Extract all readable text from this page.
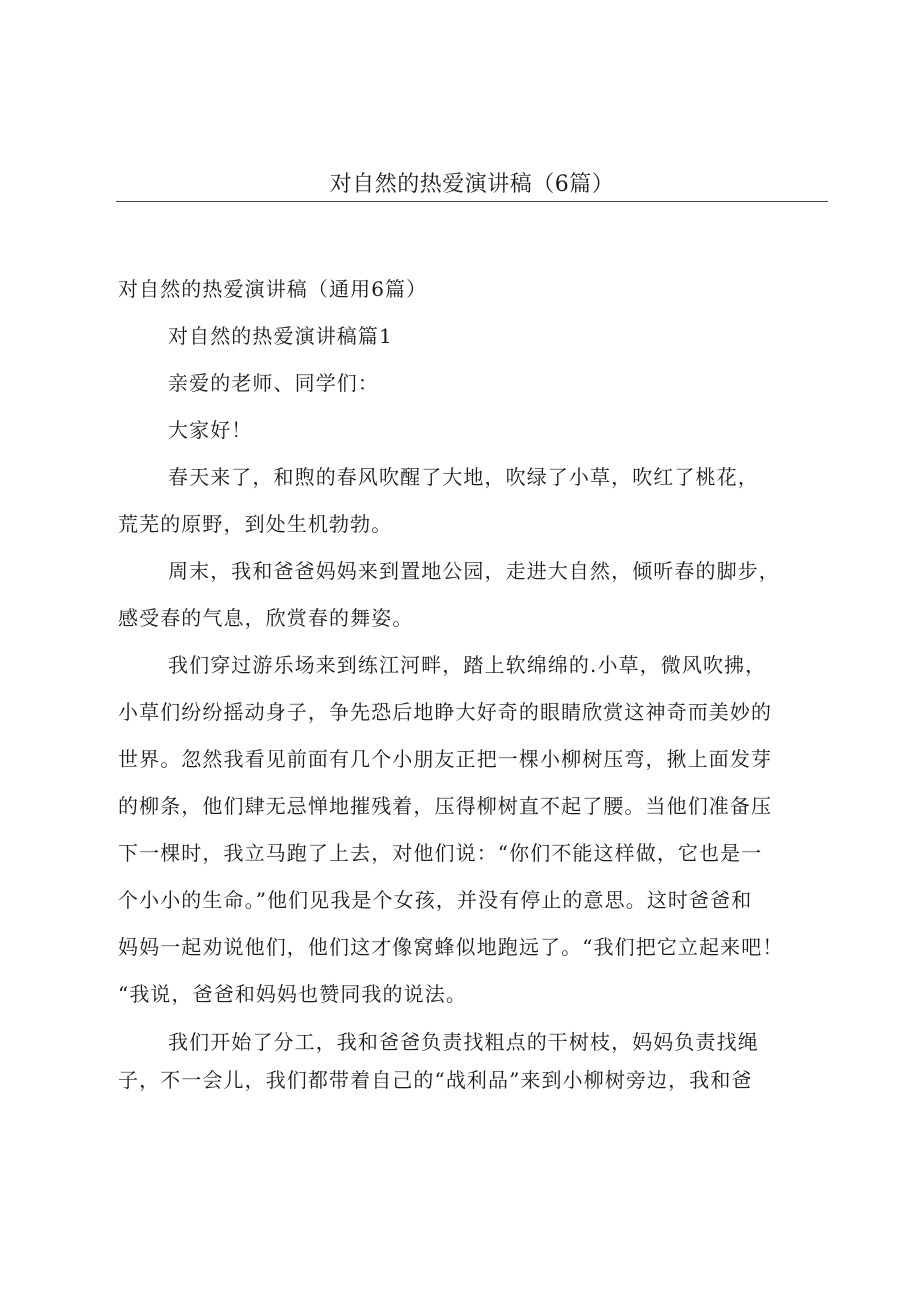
对自然的热爱演讲稿（6篇）
对自然的热爱演讲稿（通用6篇）
对自然的热爱演讲稿篇1
亲爱的老师、同学们：
大家好！
春天来了，和煦的春风吹醒了大地，吹绿了小草，吹红了桃花，
荒芜的原野，到处生机勃勃。
周末，我和爸爸妈妈来到置地公园，走进大自然，倾听春的脚步，
感受春的气息，欣赏春的舞姿。
我们穿过游乐场来到练江河畔，踏上软绵绵的.小草，微风吹拂，
小草们纷纷摇动身子，争先恐后地睁大好奇的眼睛欣赏这神奇而美妙的
世界。忽然我看见前面有几个小朋友正把一棵小柳树压弯，揪上面发芽
的柳条，他们肆无忌惮地摧残着，压得柳树直不起了腰。当他们准备压
下一棵时，我立马跑了上去，对他们说：“你们不能这样做，它也是一
个小小的生命。”他们见我是个女孩，并没有停止的意思。这时爸爸和
妈妈一起劝说他们，他们这才像窝蜂似地跑远了。“我们把它立起来吧！
“我说，爸爸和妈妈也赞同我的说法。
我们开始了分工，我和爸爸负责找粗点的干树枝，妈妈负责找绳
子，不一会儿，我们都带着自己的“战利品”来到小柳树旁边，我和爸
